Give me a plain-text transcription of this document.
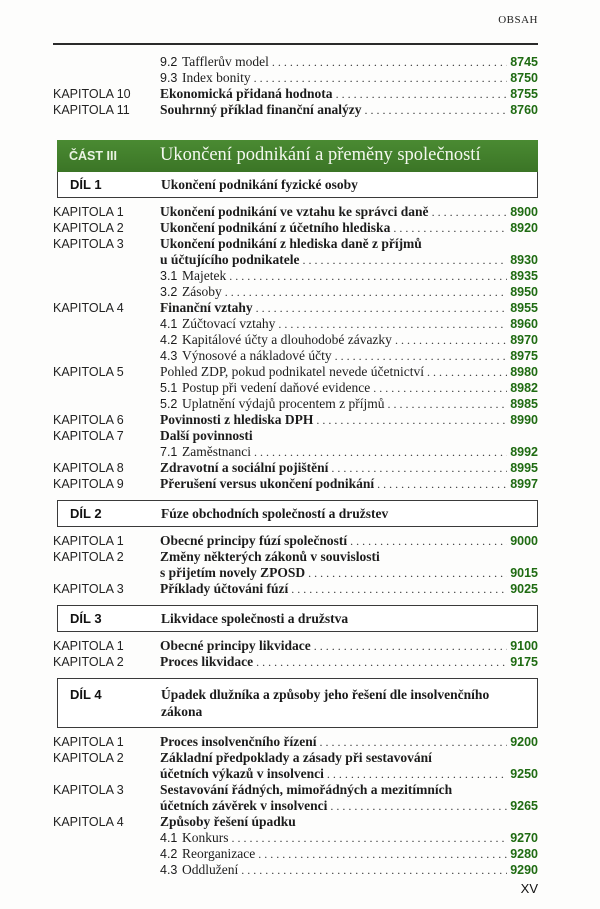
OBSAH
9.2 Tafflerův model .....	8745
9.3 Index bonity .....	8750
KAPITOLA 10 Ekonomická přidaná hodnota .....	8755
KAPITOLA 11 Souhrnný příklad finanční analýzy .....	8760
ČÁST III Ukončení podnikání a přeměny společností
DÍL 1	Ukončení podnikání fyzické osoby
KAPITOLA 1	Ukončení podnikání ve vztahu ke správci daně .....	8900
KAPITOLA 2	Ukončení podnikání z účetního hlediska .....	8920
KAPITOLA 3	Ukončení podnikání z hlediska daně z příjmů
u účtujícího podnikatele .....	8930
3.1 Majetek .....	8935
3.2 Zásoby .....	8950
KAPITOLA 4	Finanční vztahy .....	8955
4.1 Zúčtovací vztahy .....	8960
4.2 Kapitálové účty a dlouhodobé závazky .....	8970
4.3 Výnosové a nákladové účty .....	8975
KAPITOLA 5	Pohled ZDP, pokud podnikatel nevede účetnictví .....	8980
5.1 Postup při vedení daňové evidence .....	8982
5.2 Uplatnění výdajů procentem z příjmů .....	8985
KAPITOLA 6	Povinnosti z hlediska DPH .....	8990
KAPITOLA 7	Další povinnosti
7.1 Zaměstnanci .....	8992
KAPITOLA 8	Zdravotní a sociální pojištění .....	8995
KAPITOLA 9	Přerušení versus ukončení podnikání .....	8997
DÍL 2	Fúze obchodních společností a družstev
KAPITOLA 1	Obecné principy fúzí společností .....	9000
KAPITOLA 2	Změny některých zákonů v souvislosti
s přijetím novely ZPOSD .....	9015
KAPITOLA 3	Příklady účtováni fúzí .....	9025
DÍL 3	Likvidace společnosti a družstva
KAPITOLA 1	Obecné principy likvidace .....	9100
KAPITOLA 2	Proces likvidace .....	9175
DÍL 4	Úpadek dlužníka a způsoby jeho řešení dle insolvenčního zákona
KAPITOLA 1	Proces insolvenčního řízení .....	9200
KAPITOLA 2	Základní předpoklady a zásady při sestavování
účetních výkazů v insolvenci .....	9250
KAPITOLA 3	Sestavování řádných, mimořádných a mezitímních
účetních závěrek v insolvenci .....	9265
KAPITOLA 4	Způsoby řešení úpadku
4.1 Konkurs .....	9270
4.2 Reorganizace .....	9280
4.3 Oddlužení .....	9290
XV
